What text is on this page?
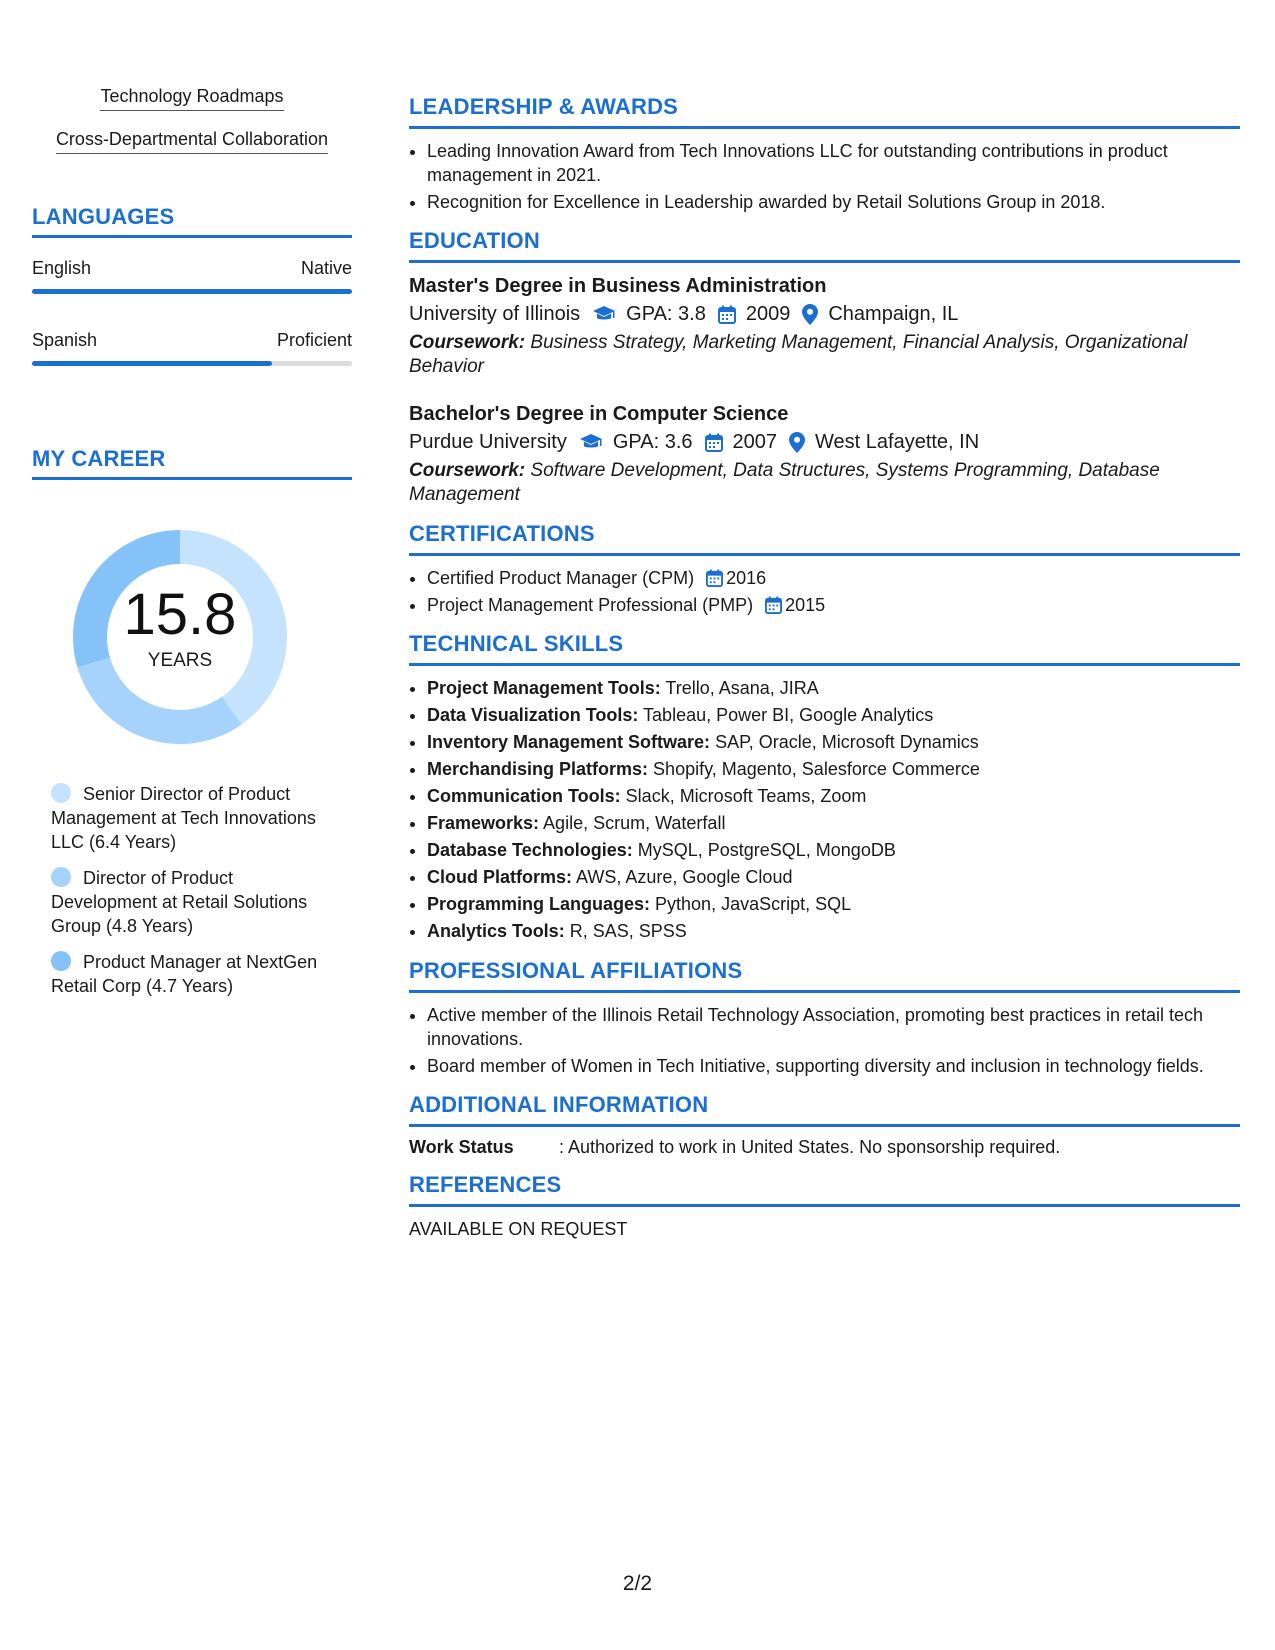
Technology Roadmaps
Cross-Departmental Collaboration
LANGUAGES
English	Native
Spanish	Proficient
MY CAREER
15.8
YEARS
Senior Director of Product Management at Tech Innovations LLC (6.4 Years)
Director of Product Development at Retail Solutions Group (4.8 Years)
Product Manager at NextGen Retail Corp (4.7 Years)
LEADERSHIP & AWARDS
• Leading Innovation Award from Tech Innovations LLC for outstanding contributions in product management in 2021.
• Recognition for Excellence in Leadership awarded by Retail Solutions Group in 2018.
EDUCATION
Master's Degree in Business Administration
University of Illinois GPA: 3.8 2009 Champaign, IL
Coursework: Business Strategy, Marketing Management, Financial Analysis, Organizational Behavior
Bachelor's Degree in Computer Science
Purdue University GPA: 3.6 2007 West Lafayette, IN
Coursework: Software Development, Data Structures, Systems Programming, Database Management
CERTIFICATIONS
• Certified Product Manager (CPM) 2016
• Project Management Professional (PMP) 2015
TECHNICAL SKILLS
• Project Management Tools: Trello, Asana, JIRA
• Data Visualization Tools: Tableau, Power BI, Google Analytics
• Inventory Management Software: SAP, Oracle, Microsoft Dynamics
• Merchandising Platforms: Shopify, Magento, Salesforce Commerce
• Communication Tools: Slack, Microsoft Teams, Zoom
• Frameworks: Agile, Scrum, Waterfall
• Database Technologies: MySQL, PostgreSQL, MongoDB
• Cloud Platforms: AWS, Azure, Google Cloud
• Programming Languages: Python, JavaScript, SQL
• Analytics Tools: R, SAS, SPSS
PROFESSIONAL AFFILIATIONS
• Active member of the Illinois Retail Technology Association, promoting best practices in retail tech innovations.
• Board member of Women in Tech Initiative, supporting diversity and inclusion in technology fields.
ADDITIONAL INFORMATION
Work Status	: Authorized to work in United States. No sponsorship required.
REFERENCES
AVAILABLE ON REQUEST
2/2
